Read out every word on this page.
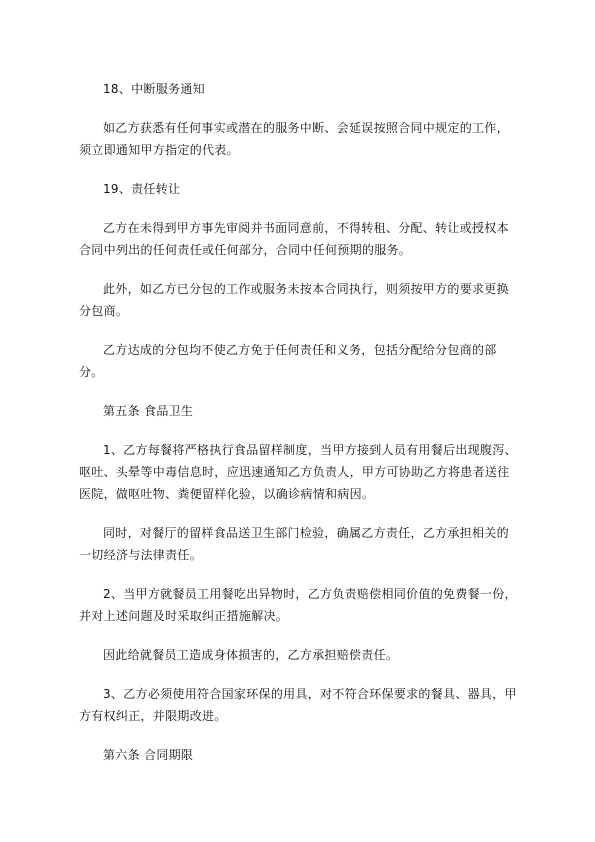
18、中断服务通知

如乙方获悉有任何事实或潜在的服务中断、会延误按照合同中规定的工作，须立即通知甲方指定的代表。

19、责任转让

乙方在未得到甲方事先审阅并书面同意前，不得转租、分配、转让或授权本合同中列出的任何责任或任何部分，合同中任何预期的服务。

此外，如乙方已分包的工作或服务未按本合同执行，则须按甲方的要求更换分包商。

乙方达成的分包均不使乙方免于任何责任和义务，包括分配给分包商的部分。

第五条 食品卫生

1、乙方每餐将严格执行食品留样制度，当甲方接到人员有用餐后出现腹泻、呕吐、头晕等中毒信息时，应迅速通知乙方负责人，甲方可协助乙方将患者送往医院，做呕吐物、粪便留样化验，以确诊病情和病因。

同时，对餐厅的留样食品送卫生部门检验，确属乙方责任，乙方承担相关的一切经济与法律责任。

2、当甲方就餐员工用餐吃出异物时，乙方负责赔偿相同价值的免费餐一份，并对上述问题及时采取纠正措施解决。

因此给就餐员工造成身体损害的，乙方承担赔偿责任。

3、乙方必须使用符合国家环保的用具，对不符合环保要求的餐具、器具，甲方有权纠正，并限期改进。

第六条 合同期限
